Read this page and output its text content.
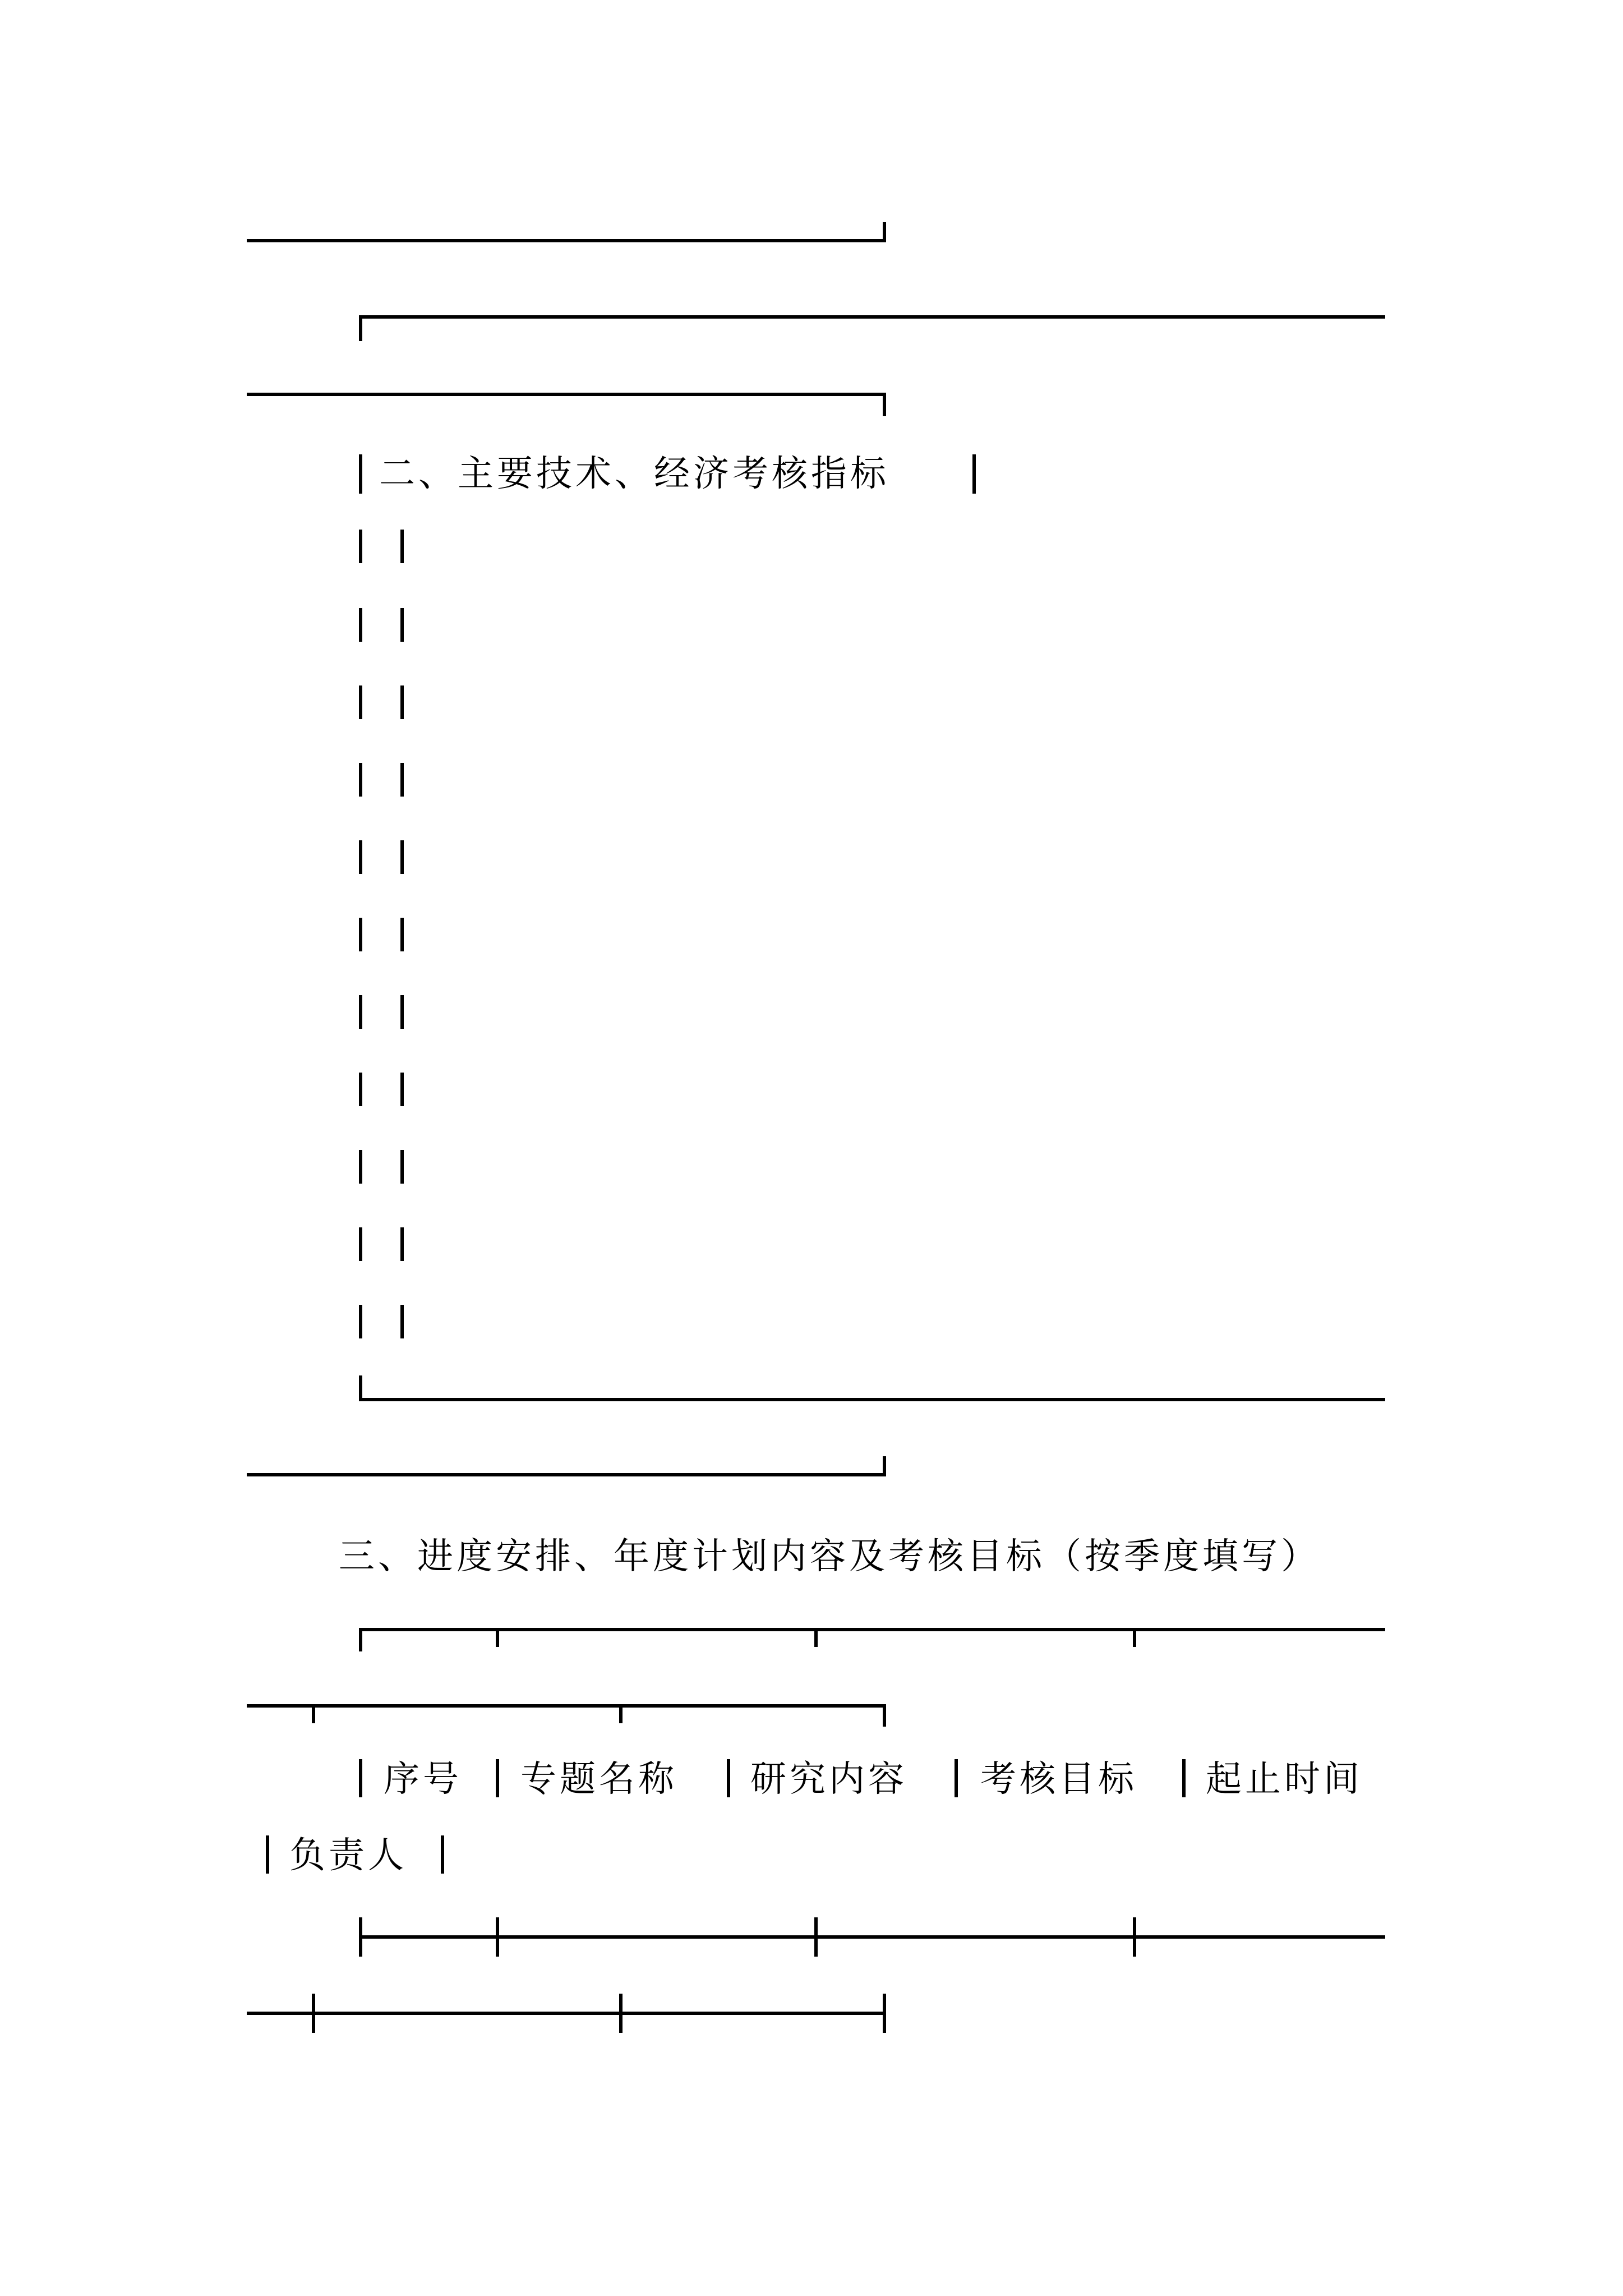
二、主要技术、经济考核指标
三、进度安排、年度计划内容及考核目标（按季度填写）
序号 专题名称 研究内容 考核目标 起止时间
负责人
